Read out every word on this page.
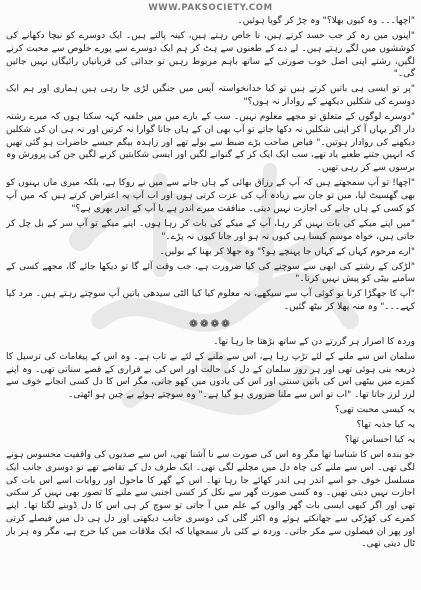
WWW.PAKSOCIETY.COM

"اچھا۔۔۔ وہ کیوں بھلا؟" وہ چڑ کر گویا ہوئیں۔

"اپنوں میں رہ کر جب حسد کرتے ہیں، نا خاص رہتے ہیں، کینہ پالتے ہیں۔ ایک دوسرے کو نیچا دکھانے کی کوششوں میں لگے رہتے ہیں۔ لے دے کے طعنوں سے ہٹ کر ہم ایک دوسرے سے پورے خلوص سے محبت کرنے لگیں، رشتے اپنی اصل خوب صورتی کے ساتھ باہم مربوط رہیں تو جدائی کی قربانیاں رائیگاں نہیں جائیں گی۔"

"پر تو ایسی ہی باتیں کرتے ہیں تو کیا خدانخواستہ آپس میں جنگیں لڑی جا رہی ہیں ہماری اور ہم ایک دوسرے کی شکلیں دیکھنے کے روادار نہ ہوں؟"

"دوسرے لوگوں کے متعلق تو مجھے معلوم نہیں۔ سب کے بارے میں میں حلفیہ کہہ سکتا ہوں کہ میرے رشتہ دار اگر یہاں آ کر اپنی شکلیں نہ دکھا جاتے تو آپ بھی ان کے ہاں جانا گوارا نہ کرتیں اور نہ ہی ان کی شکلیں دیکھنے کی روادار ہوتیں۔" فیاض صاحب بڑے ضبط سے بولے تھے اور زاہدہ بیگم جیسے حاضرات ہو گئی تھیں کہ انہیں جتنے طعنے یاد تھے، سب ایک ایک کر کے گنوانے لگیں اور ایسی شکایتیں کرنے لگیں جن کی پرورش وہ برسوں سے کر رہی تھیں۔

"اچھا! تو آپ سمجھتے ہیں کہ آپ کے رزاق بھائی کے ہاں جانے سے میں نے روکا ہے، بلکہ میری ماں بہنوں کو بھی گھسیٹ لیا، میں تو جان سے زیادہ آپ کی عزت کرتی ہوں اور اب آپ یہ اعتراض کرتے ہیں کہ میں آپ کو کسی کے ہاں جانے کی اجازت نہیں دیتی۔ منافقت میرے اندر ہے یا آپ کے اندر بھری ہے؟"

"میں اپنے میکے کی بات نہیں کر رہا، آپ کے میکے کی بات کر رہا ہوں۔ اپنے میکے تو آپ سر کے بل چل کر جاتی ہیں، خواہ موسم کیسا ہی کیوں نہ ہو اور جانا کیوں نہ پڑے۔"

"ارے مرحوم کہاں کے کہاں جا پہنچے ہو؟" وہ جھلا کر بھنا کے بولیں۔

"لڑکی کے رشتے کی ابھی سے سوچنے کی کیا ضرورت ہے، جب وقت آئے گا تو دیکھا جائے گا، مجھے کسی کے سامنے بیٹی کو پیش نہیں کرنا۔"

"آپ کا جھگڑا کرنا تو کوئی آپ سے سیکھے، نہ معلوم کیا کیا الٹی سیدھی باتیں آپ سوچتے رہتے ہیں۔ مرد کیا کہے۔۔۔" وہ منہ پھلا کر بیٹھ گئیں۔

❁❁❁❁

وردہ کا اصرار ہر گزرتے دن کے ساتھ بڑھتا جا رہا تھا۔

سلمان اس سے ملنے کے لئے تڑپ رہا ہے، اس سے ملنے کے لئے بے تاب ہے۔ وہ اس کے پیغامات کی ترسیل کا ذریعہ بنی ہوئی تھی اور ہر روز سلمان کے دل کی حالت اور اس کی بے قراری کے قصے سناتی تھی۔ وہ اپنے کمرے میں بیٹھی اس کی باتیں سنتی اور اس کی یادوں میں کھو جاتی، مگر اس کا دل کسی انجانے خوف سے لرز لرز جاتا تھا۔ "اب تو اس سے ملنا ضروری ہو گیا ہے۔" وہ سوچتے ہوئے بے چین ہو اٹھتی۔

یہ کیسی محبت تھی؟

یہ کیا جذبہ تھا؟

یہ کیا احساس تھا؟

جو بندہ اس کا شناسا تھا مگر وہ اس کی صورت سے نا آشنا تھی، اس سے صدیوں کی واقفیت محسوس ہونے لگی تھی۔ اس سے ملنے کی چاہ دل میں مچلنے لگی تھی۔ ایک طرف دل کے تقاضے تھے تو دوسری جانب ایک مسلسل خوف جو اسے اندر ہی اندر کھائے جا رہا تھا۔ اس کے گھر کا ماحول اور روایات اسے اس بات کی اجازت نہیں دیتی تھیں۔ وہ کسی صورت گھر سے نکل کر کسی اجنبی سے ملنے کا تصور بھی نہیں کر سکتی تھی اور اگر کبھی ایسی بات گھر والوں کے علم میں آ جاتی تو سوچ کر ہی اس کا دل ڈوبنے لگتا تھا۔ اپنے کمرے کی کھڑکی سے جھانکتے ہوئے وہ اکثر گلی کی دوسری جانب دیکھتی اور دل ہی دل میں فیصلے کرتی اور پھر ان فیصلوں سے مکر جاتی۔ وردہ نے کئی بار سمجھایا کہ ایک ملاقات میں کیا حرج ہے، مگر وہ ہر بار ٹال دیتی تھی۔
